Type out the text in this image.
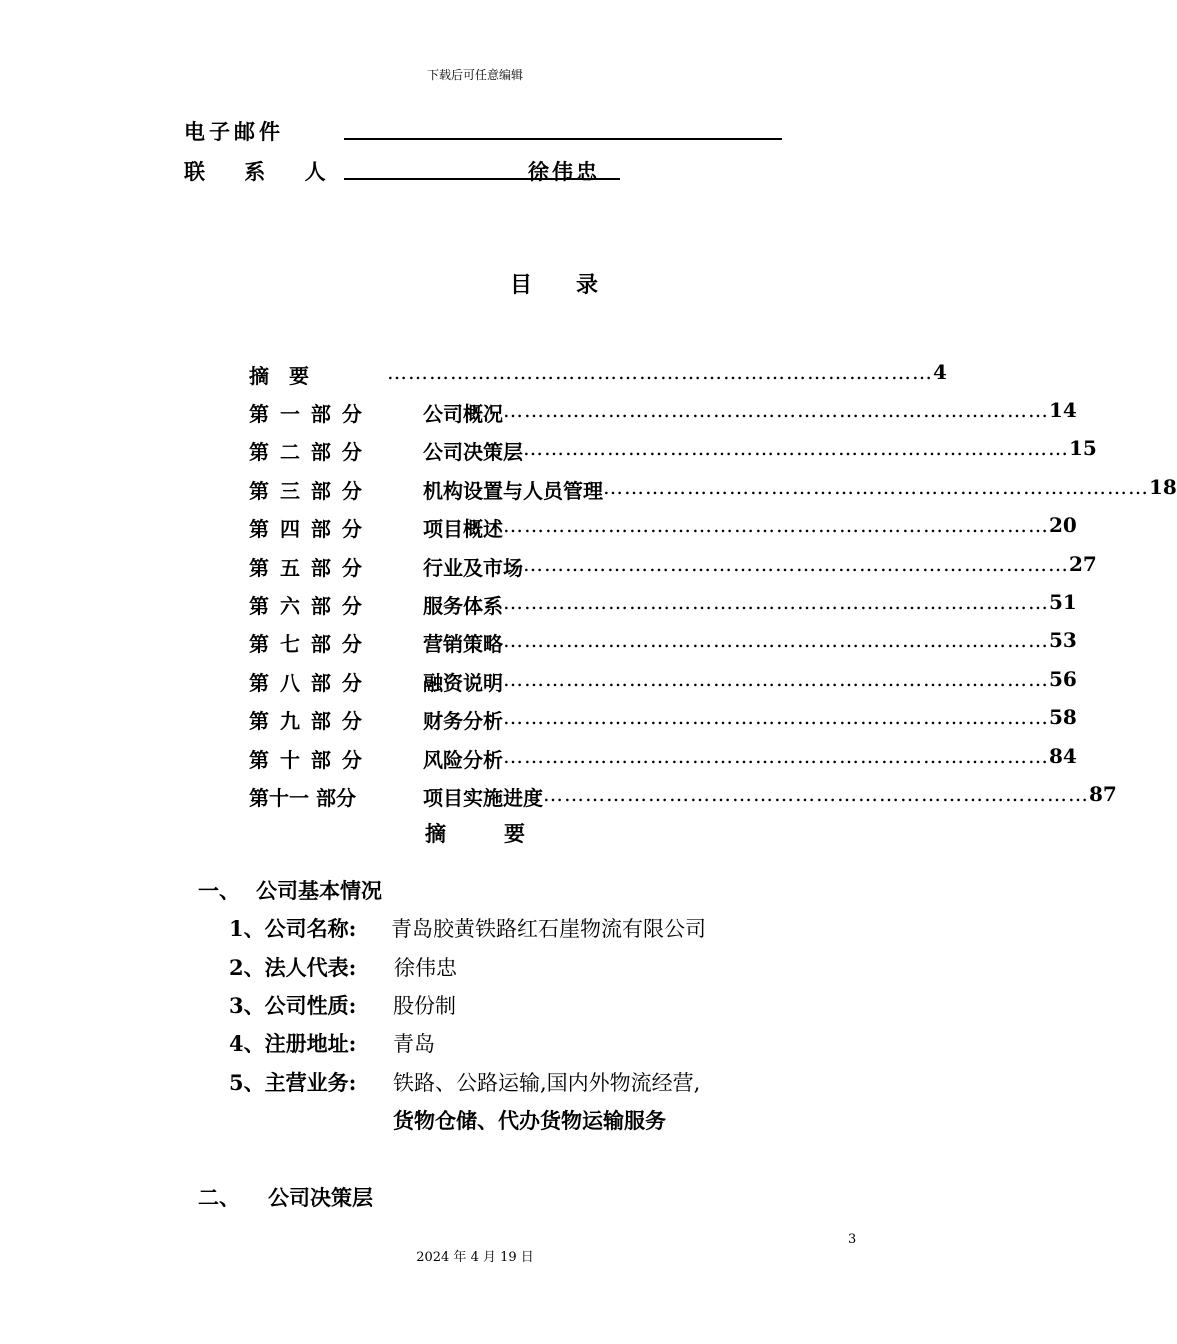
下载后可任意编辑
电子邮件
联 系 人	徐伟忠
目 录
摘　要	…………………………………………………………………… 4
第 一 部 分	公司概况 …………………………………………………………………… 14
第 二 部 分	公司决策层 …………………………………………………………………… 15
第 三 部 分	机构设置与人员管理 …………………………………………………………………… 18
第 四 部 分	项目概述 …………………………………………………………………… 20
第 五 部 分	行业及市场 …………………………………………………………………… 27
第 六 部 分	服务体系 …………………………………………………………………… 51
第 七 部 分	营销策略 …………………………………………………………………… 53
第 八 部 分	融资说明 …………………………………………………………………… 56
第 九 部 分	财务分析 …………………………………………………………………… 58
第 十 部 分	风险分析 …………………………………………………………………… 84
第十一 部分	项目实施进度 …………………………………………………………………… 87
摘	要
一、 公司基本情况
1、公司名称: 青岛胶黄铁路红石崖物流有限公司
2、法人代表: 徐伟忠
3、公司性质: 股份制
4、注册地址: 青岛
5、主营业务: 铁路、公路运输,国内外物流经营,
货物仓储、代办货物运输服务
二、 公司决策层
3
2024 年 4 月 19 日
